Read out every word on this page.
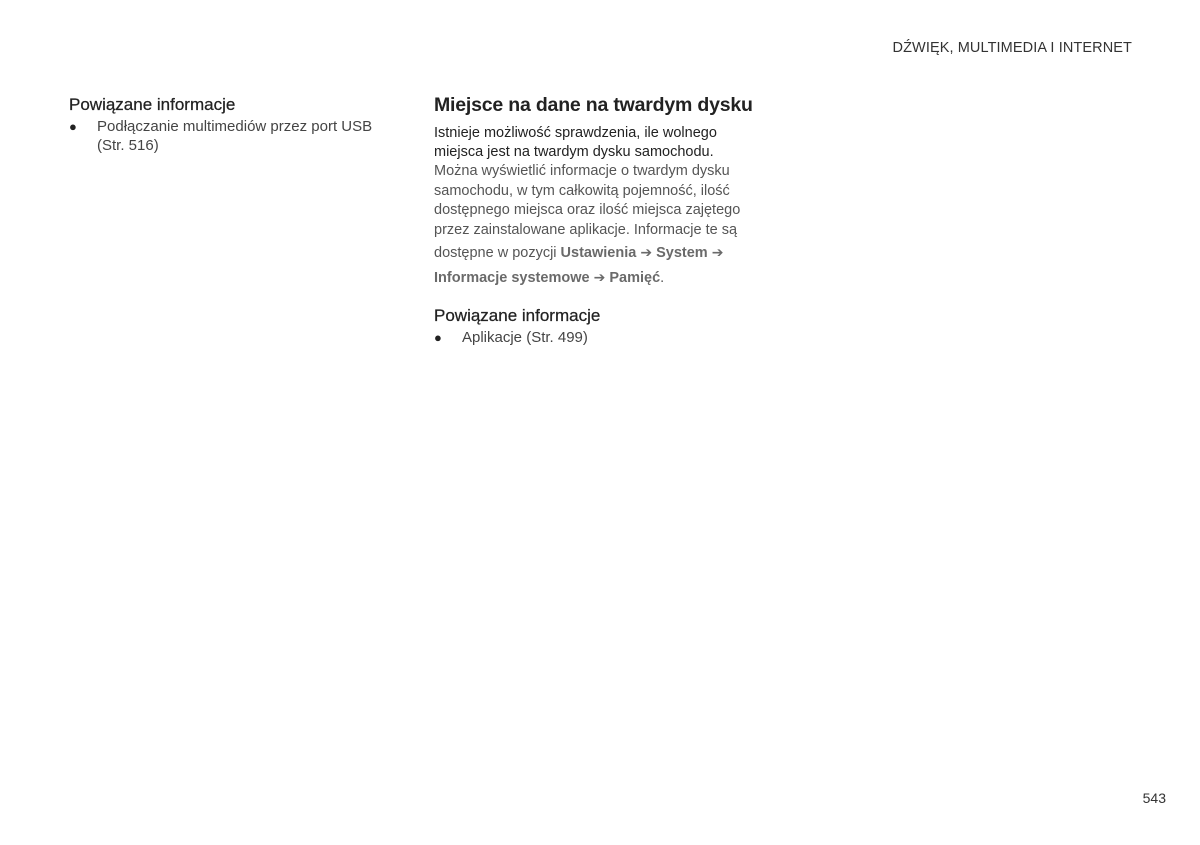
DŹWIĘK, MULTIMEDIA I INTERNET
Powiązane informacje
● Podłączanie multimediów przez port USB
(Str. 516)
Miejsce na dane na twardym dysku

Istnieje możliwość sprawdzenia, ile wolnego
miejsca jest na twardym dysku samochodu.

Można wyświetlić informacje o twardym dysku
samochodu, w tym całkowitą pojemność, ilość
dostępnego miejsca oraz ilość miejsca zajętego
przez zainstalowane aplikacje. Informacje te są

dostępne w pozycji Ustawienia ➔ System ➔
Informacje systemowe ➔ Pamięć.
Powiązane informacje
● Aplikacje (Str. 499)
543
